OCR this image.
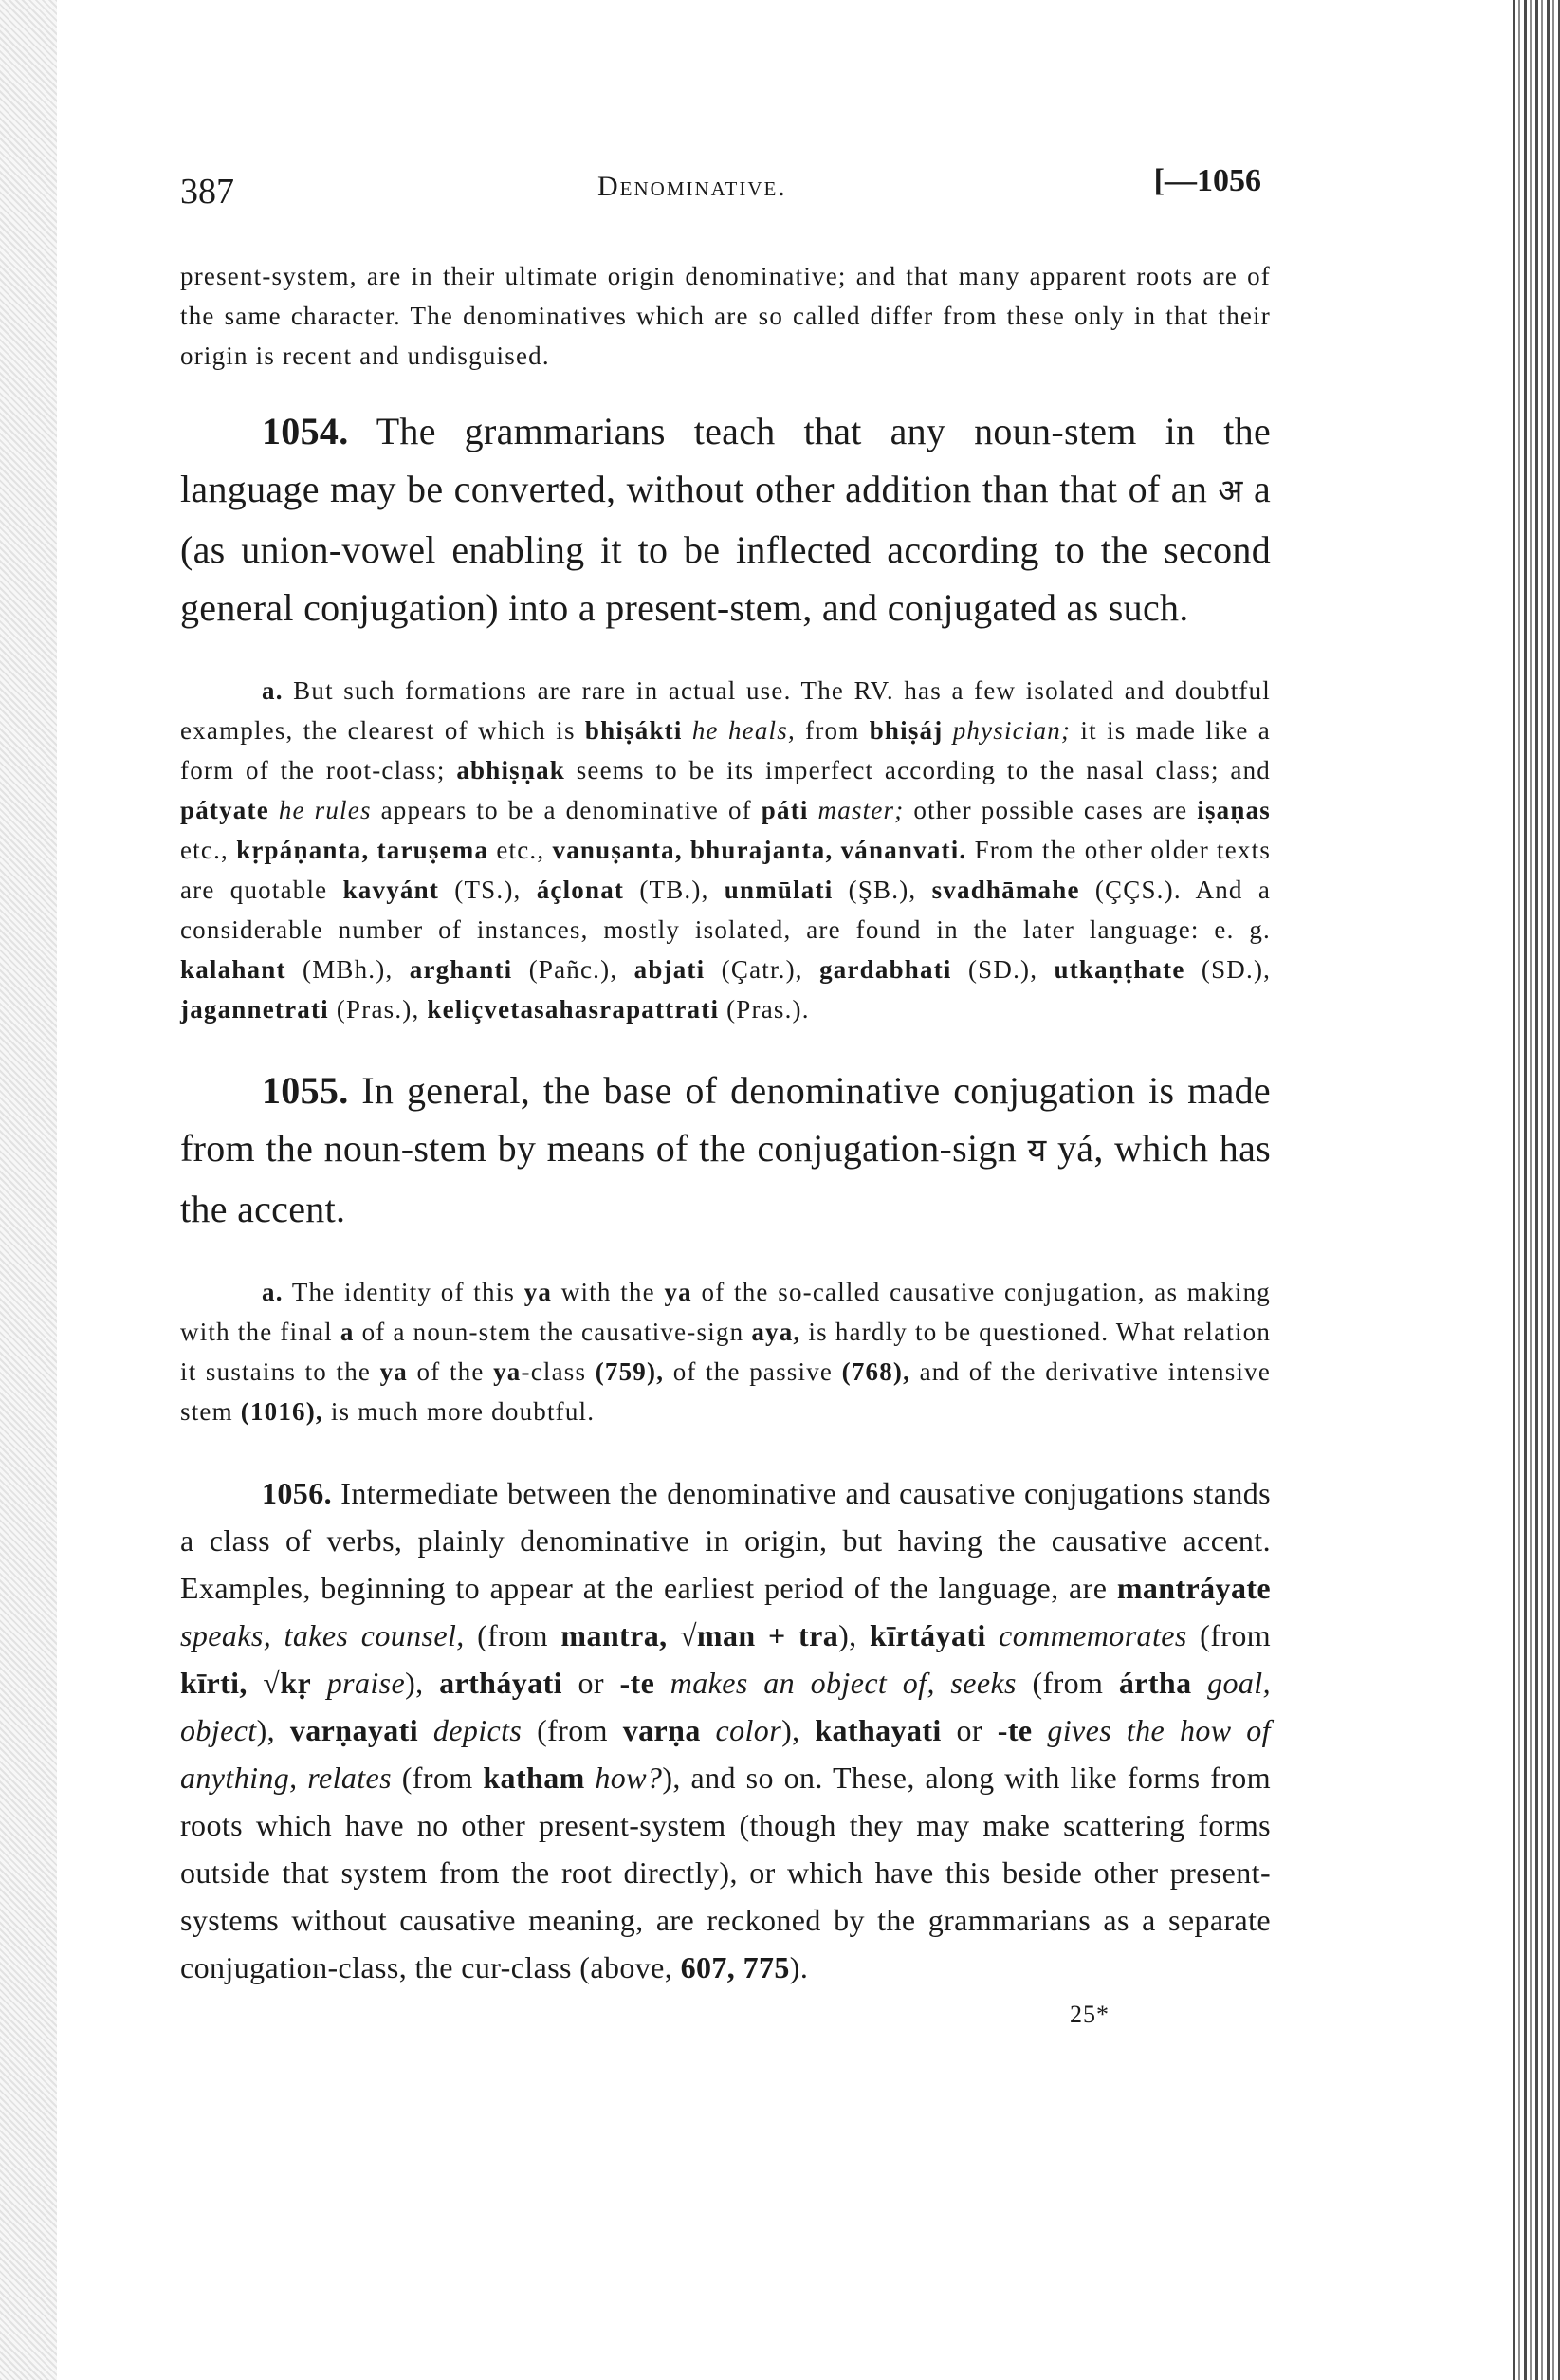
387	Denominative.	[—1056

present-system, are in their ultimate origin denominative; and that many apparent roots are of the same character. The denominatives which are so called differ from these only in that their origin is recent and undisguised.

1054. The grammarians teach that any noun-stem in the language may be converted, without other addition than that of an अ a (as union-vowel enabling it to be inflected according to the second general conjugation) into a present-stem, and conjugated as such.

a. But such formations are rare in actual use. The RV. has a few isolated and doubtful examples, the clearest of which is bhiṣákti he heals, from bhiṣáj physician; it is made like a form of the root-class; abhiṣṇak seems to be its imperfect according to the nasal class; and pátyate he rules appears to be a denominative of páti master; other possible cases are iṣaṇas etc., kṛpáṇanta, taruṣema etc., vanuṣanta, bhurajanta, vánanvati. From the other older texts are quotable kavyánt (TS.), áçlonat (TB.), unmūlati (ŞB.), svadhāmahe (ÇÇS.). And a considerable number of instances, mostly isolated, are found in the later language: e. g. kalahant (MBh.), arghanti (Pañc.), abjati (Çatr.), gardabhati (SD.), utkaṇṭhate (SD.), jagannetrati (Pras.), keliçvetasahasrapattrati (Pras.).

1055. In general, the base of denominative conjugation is made from the noun-stem by means of the conjugation-sign य yá, which has the accent.

a. The identity of this ya with the ya of the so-called causative conjugation, as making with the final a of a noun-stem the causative-sign aya, is hardly to be questioned. What relation it sustains to the ya of the ya-class (759), of the passive (768), and of the derivative intensive stem (1016), is much more doubtful.

1056. Intermediate between the denominative and causative conjugations stands a class of verbs, plainly denominative in origin, but having the causative accent. Examples, beginning to appear at the earliest period of the language, are mantráyate speaks, takes counsel, (from mantra, √man + tra), kīrtáyati commemorates (from kīrti, √kṛ praise), artháyati or -te makes an object of, seeks (from ártha goal, object), varṇayati depicts (from varṇa color), kathayati or -te gives the how of anything, relates (from katham how?), and so on. These, along with like forms from roots which have no other present-system (though they may make scattering forms outside that system from the root directly), or which have this beside other present-systems without causative meaning, are reckoned by the grammarians as a separate conjugation-class, the cur-class (above, 607, 775).

25*
